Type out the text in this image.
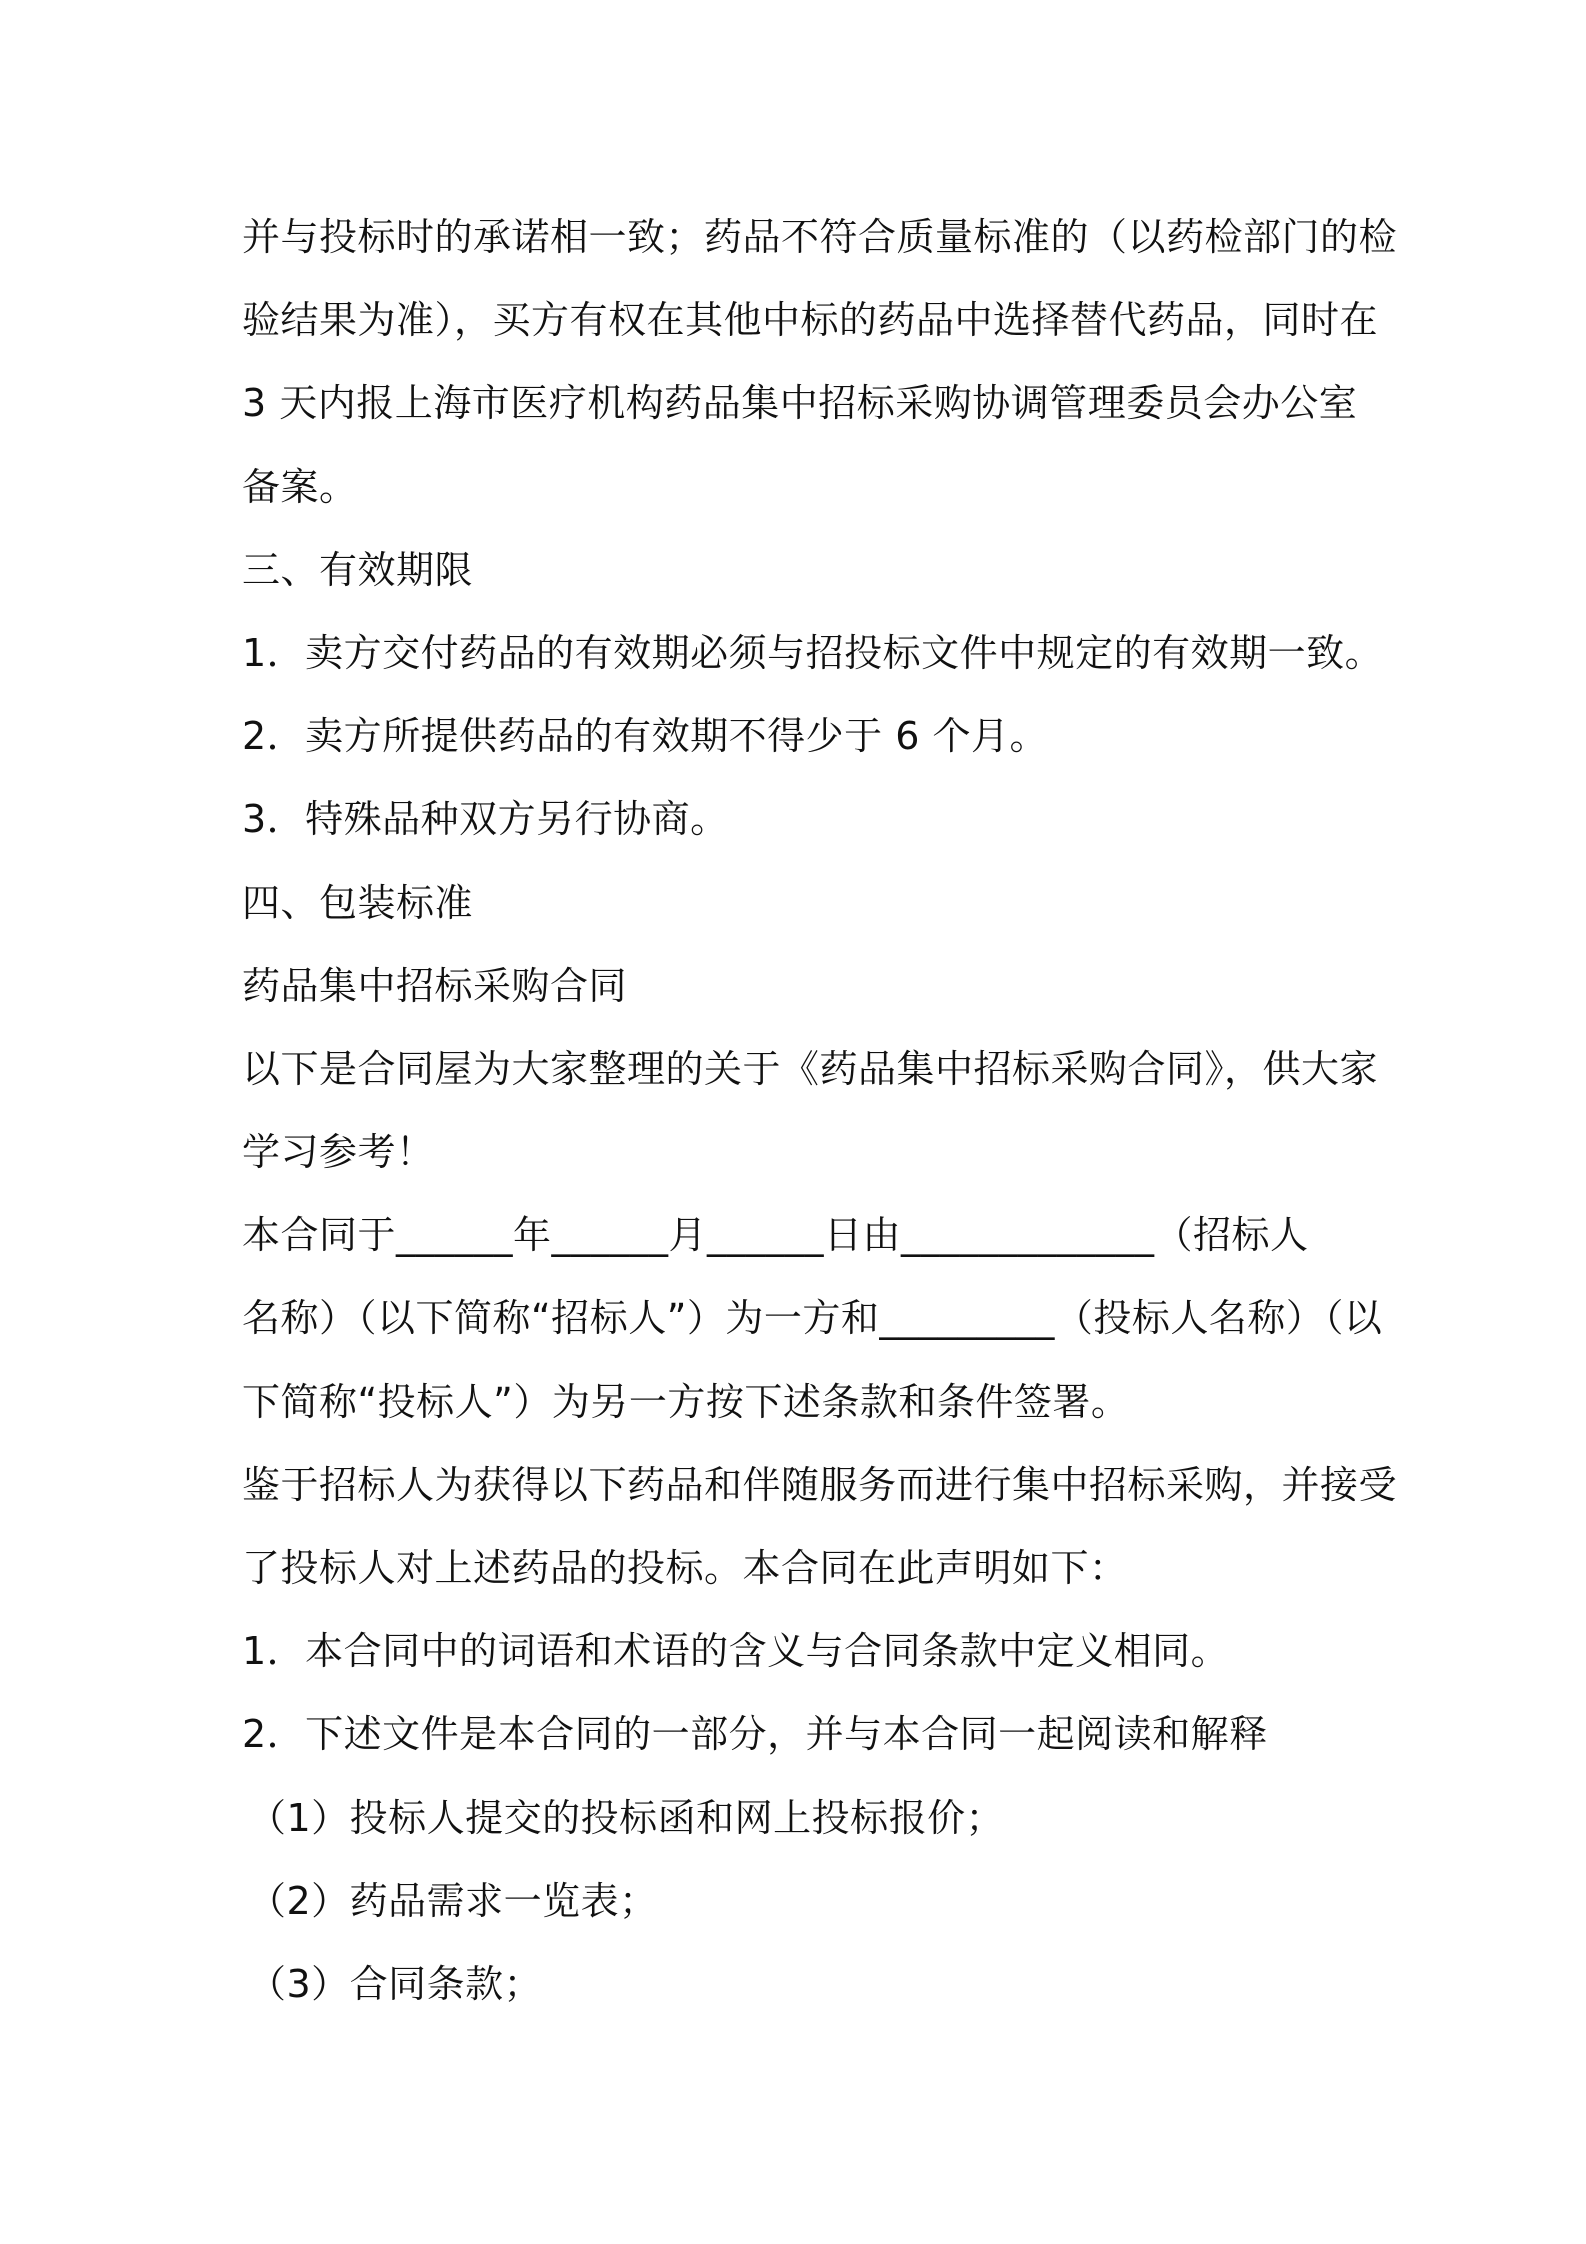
并与投标时的承诺相一致；药品不符合质量标准的（以药检部门的检
验结果为准），买方有权在其他中标的药品中选择替代药品，同时在
3 天内报上海市医疗机构药品集中招标采购协调管理委员会办公室
备案。
三、有效期限
1．卖方交付药品的有效期必须与招投标文件中规定的有效期一致。
2．卖方所提供药品的有效期不得少于 6 个月。
3．特殊品种双方另行协商。
四、包装标准
药品集中招标采购合同
以下是合同屋为大家整理的关于《药品集中招标采购合同》，供大家
学习参考！
本合同于______年______月______日由_____________（招标人
名称）（以下简称“招标人”）为一方和_________（投标人名称）（以
下简称“投标人”）为另一方按下述条款和条件签署。
鉴于招标人为获得以下药品和伴随服务而进行集中招标采购，并接受
了投标人对上述药品的投标。本合同在此声明如下：
1．本合同中的词语和术语的含义与合同条款中定义相同。
2．下述文件是本合同的一部分，并与本合同一起阅读和解释
（1）投标人提交的投标函和网上投标报价；
（2）药品需求一览表；
（3）合同条款；
